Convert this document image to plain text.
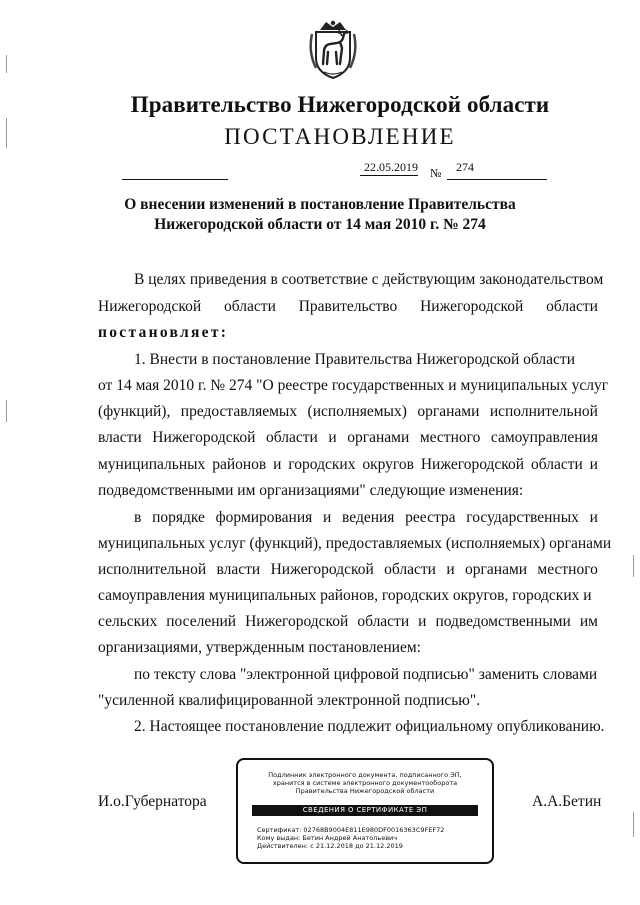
Правительство Нижегородской области
ПОСТАНОВЛЕНИЕ
22.05.2019 № 274
О внесении изменений в постановление Правительства
Нижегородской области от 14 мая 2010 г. № 274
В целях приведения в соответствие с действующим законодательством
Нижегородской области Правительство Нижегородской области
постановляет:
1. Внести в постановление Правительства Нижегородской области
от 14 мая 2010 г. № 274 "О реестре государственных и муниципальных услуг
(функций), предоставляемых (исполняемых) органами исполнительной
власти Нижегородской области и органами местного самоуправления
муниципальных районов и городских округов Нижегородской области и
подведомственными им организациями" следующие изменения:
в порядке формирования и ведения реестра государственных и
муниципальных услуг (функций), предоставляемых (исполняемых) органами
исполнительной власти Нижегородской области и органами местного
самоуправления муниципальных районов, городских округов, городских и
сельских поселений Нижегородской области и подведомственными им
организациями, утвержденным постановлением:
по тексту слова "электронной цифровой подписью" заменить словами
"усиленной квалифицированной электронной подписью".
2. Настоящее постановление подлежит официальному опубликованию.
И.о.Губернатора	А.А.Бетин
Подлинник электронного документа, подписанного ЭП,
хранится в системе электронного документооборота
Правительства Нижегородской области
СВЕДЕНИЯ О СЕРТИФИКАТЕ ЭП
Сертификат: 02768B9004E811E980DF0016363C9FEF72
Кому выдан: Бетин Андрей Анатольевич
Действителен: с 21.12.2018 до 21.12.2019
